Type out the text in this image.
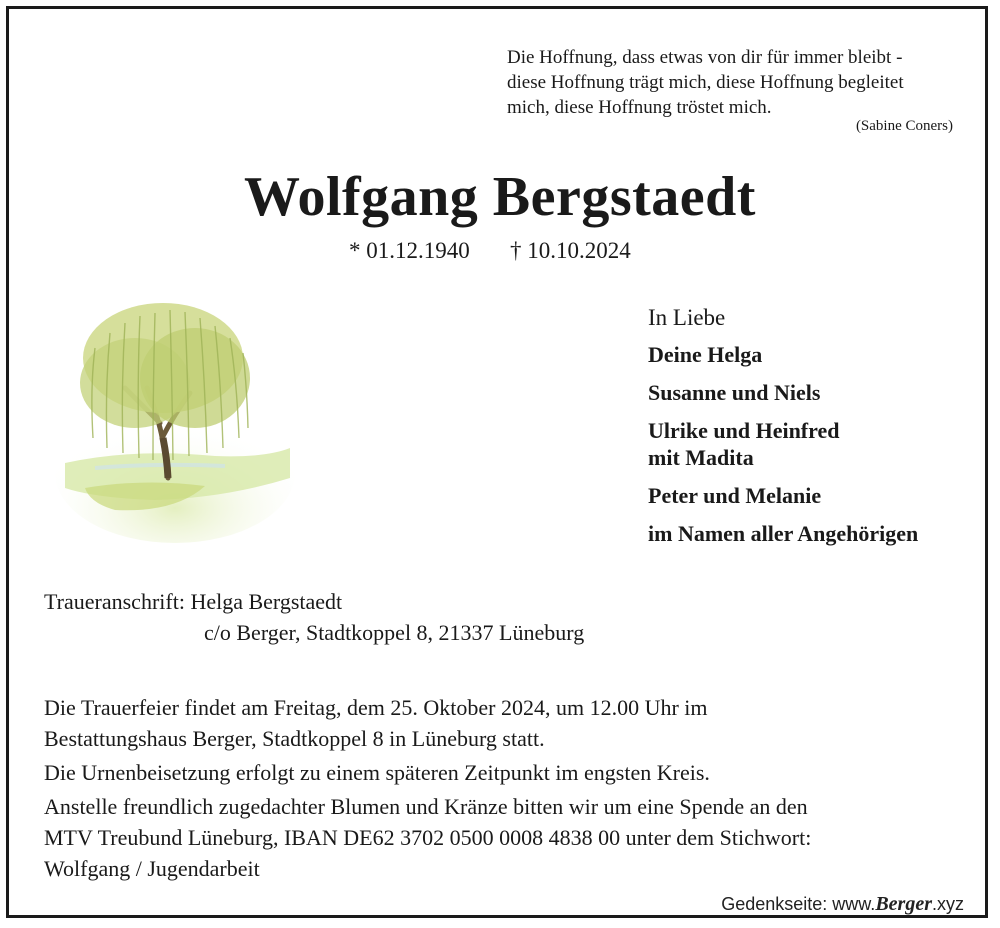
Die Hoffnung, dass etwas von dir für immer bleibt -
diese Hoffnung trägt mich, diese Hoffnung begleitet
mich, diese Hoffnung tröstet mich.
(Sabine Coners)
Wolfgang Bergstaedt
* 01.12.1940 † 10.10.2024
In Liebe
Deine Helga
Susanne und Niels
Ulrike und Heinfred
mit Madita
Peter und Melanie
im Namen aller Angehörigen
Traueranschrift: Helga Bergstaedt
c/o Berger, Stadtkoppel 8, 21337 Lüneburg

Die Trauerfeier findet am Freitag, dem 25. Oktober 2024, um 12.00 Uhr im
Bestattungshaus Berger, Stadtkoppel 8 in Lüneburg statt.

Die Urnenbeisetzung erfolgt zu einem späteren Zeitpunkt im engsten Kreis.

Anstelle freundlich zugedachter Blumen und Kränze bitten wir um eine Spende an den
MTV Treubund Lüneburg, IBAN DE62 3702 0500 0008 4838 00 unter dem Stichwort:
Wolfgang / Jugendarbeit

Gedenkseite: www.Berger.xyz
